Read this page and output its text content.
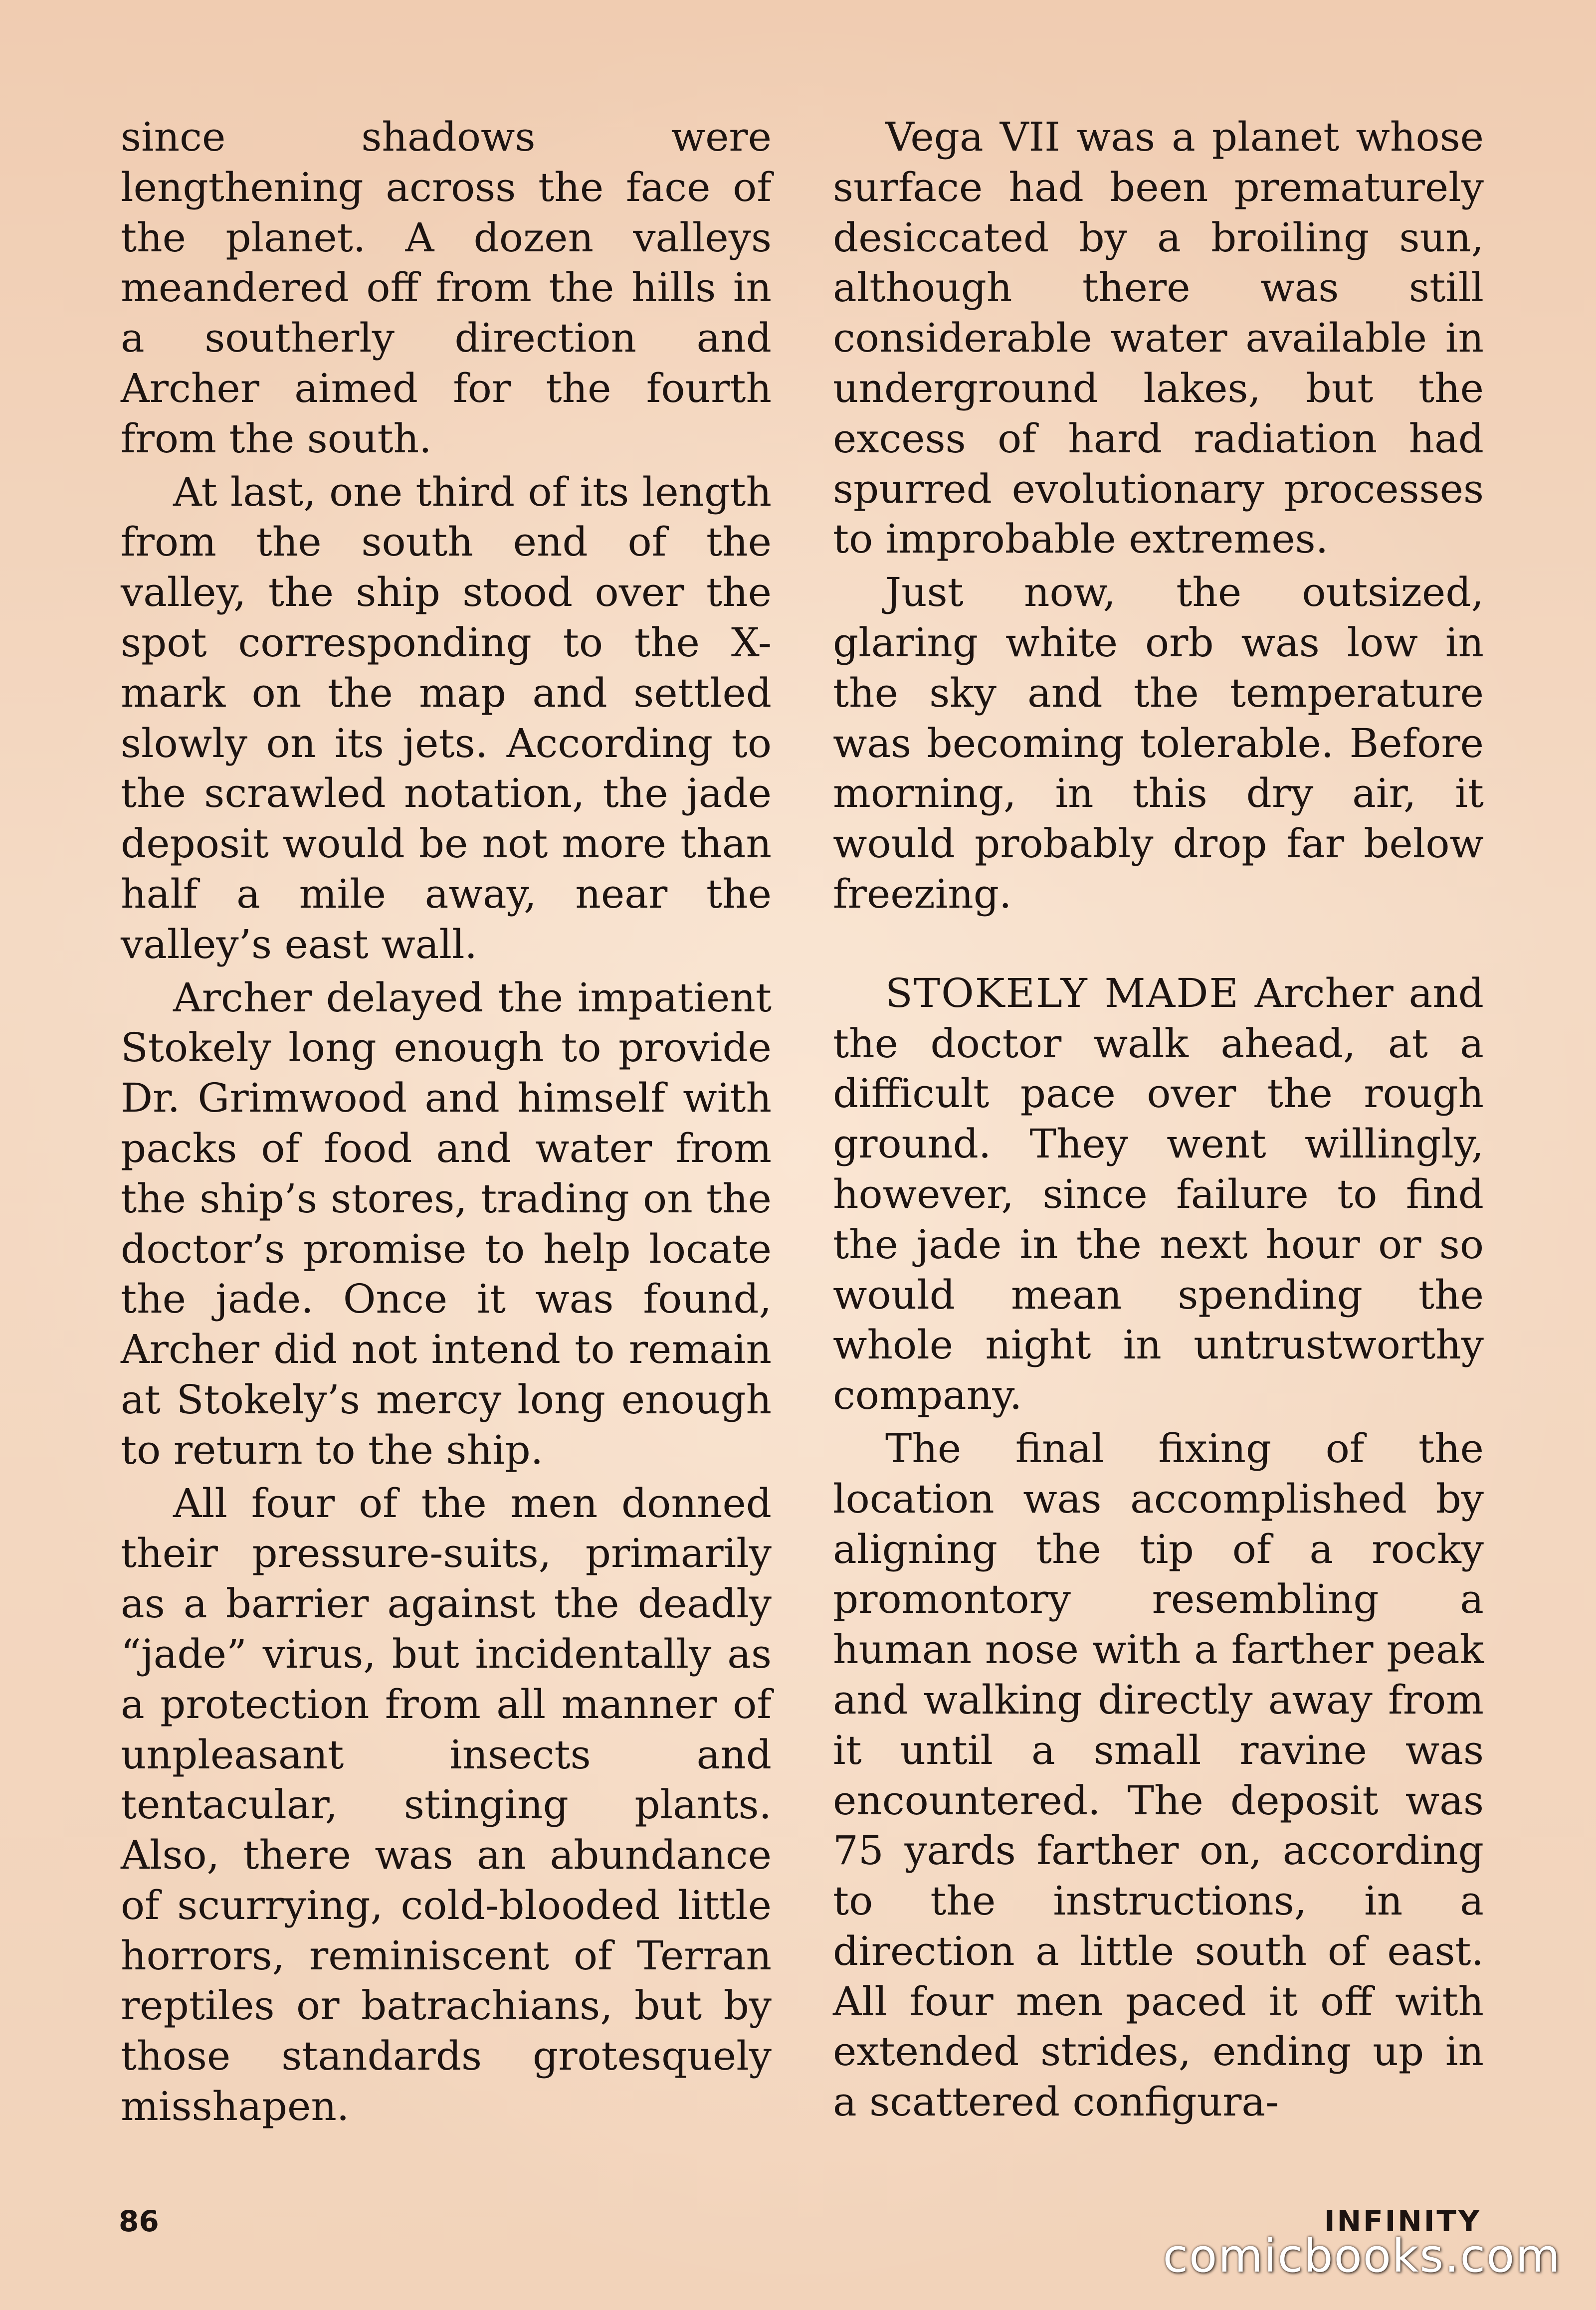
since shadows were lengthening across the face of the planet. A dozen valleys meandered off from the hills in a southerly direction and Archer aimed for the fourth from the south.

At last, one third of its length from the south end of the valley, the ship stood over the spot corresponding to the X-mark on the map and settled slowly on its jets. According to the scrawled notation, the jade deposit would be not more than half a mile away, near the valley’s east wall.

Archer delayed the impatient Stokely long enough to provide Dr. Grimwood and himself with packs of food and water from the ship’s stores, trading on the doctor’s promise to help locate the jade. Once it was found, Archer did not intend to remain at Stokely’s mercy long enough to return to the ship.

All four of the men donned their pressure-suits, primarily as a barrier against the deadly “jade” virus, but incidentally as a protection from all manner of unpleasant insects and tentacular, stinging plants. Also, there was an abundance of scurrying, cold-blooded little horrors, reminiscent of Terran reptiles or batrachians, but by those standards grotesquely misshapen.

Vega VII was a planet whose surface had been prematurely desiccated by a broiling sun, although there was still considerable water available in underground lakes, but the excess of hard radiation had spurred evolutionary processes to improbable extremes.

Just now, the outsized, glaring white orb was low in the sky and the temperature was becoming tolerable. Before morning, in this dry air, it would probably drop far below freezing.

STOKELY MADE Archer and the doctor walk ahead, at a difficult pace over the rough ground. They went willingly, however, since failure to find the jade in the next hour or so would mean spending the whole night in untrustworthy company.

The final fixing of the location was accomplished by aligning the tip of a rocky promontory resembling a human nose with a farther peak and walking directly away from it until a small ravine was encountered. The deposit was 75 yards farther on, according to the instructions, in a direction a little south of east. All four men paced it off with extended strides, ending up in a scattered configura-

86	INFINITY
comicbooks.com
